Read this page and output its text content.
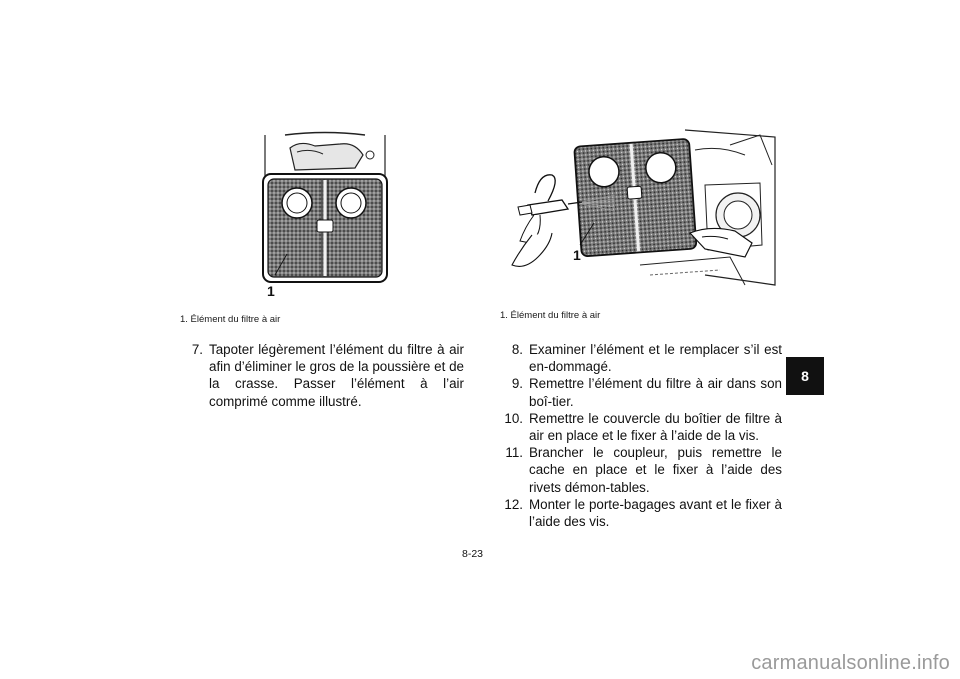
1
1. Élément du filtre à air
1
1. Élément du filtre à air
7. Tapoter légèrement l’élément du filtre à air afin d’éliminer le gros de la poussière et de la crasse. Passer l’élément à l’air comprimé comme illustré.
8. Examiner l’élément et le remplacer s’il est en-dommagé.
9. Remettre l’élément du filtre à air dans son boî-tier.
10. Remettre le couvercle du boîtier de filtre à air en place et le fixer à l’aide de la vis.
11. Brancher le coupleur, puis remettre le cache en place et le fixer à l’aide des rivets démon-tables.
12. Monter le porte-bagages avant et le fixer à l’aide des vis.
8-23
8
carmanualsonline.info
